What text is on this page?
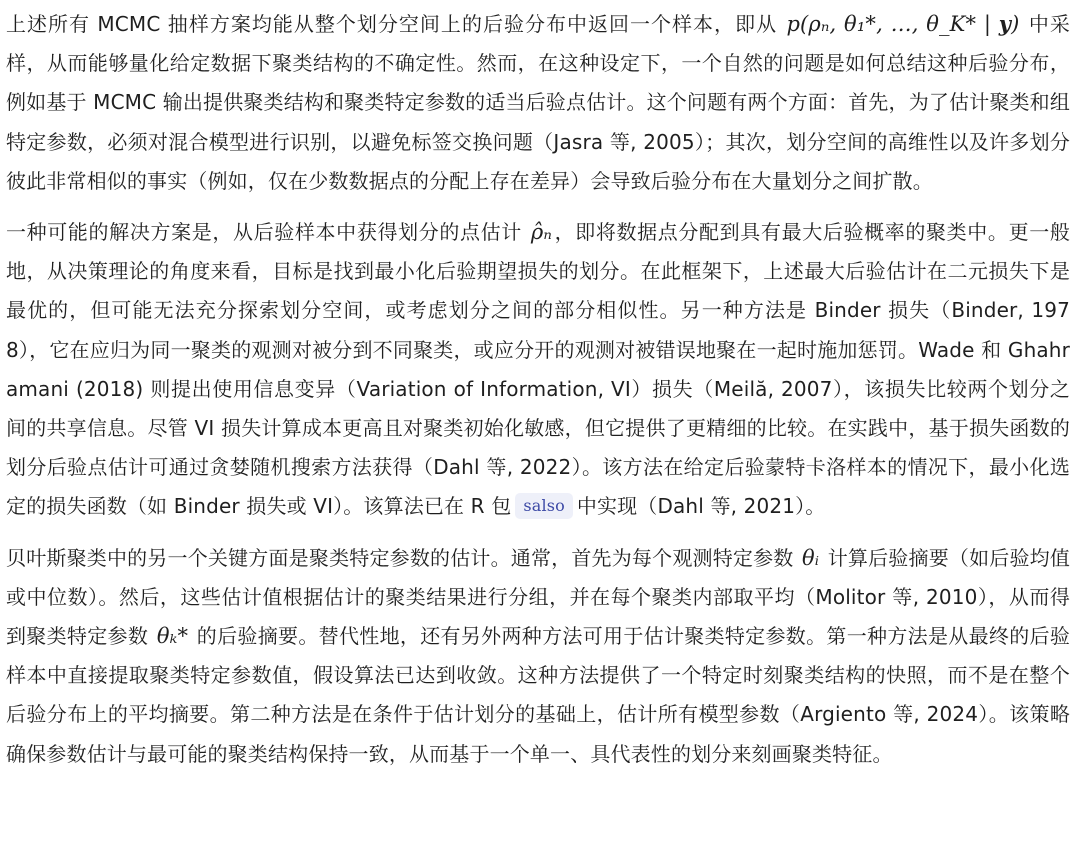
上述所有 MCMC 抽样方案均能从整个划分空间上的后验分布中返回一个样本，即从 p(ρₙ, θ₁*, …, θ_K* | y) 中采样，从而能够量化给定数据下聚类结构的不确定性。然而，在这种设定下，一个自然的问题是如何总结这种后验分布，例如基于 MCMC 输出提供聚类结构和聚类特定参数的适当后验点估计。这个问题有两个方面：首先，为了估计聚类和组特定参数，必须对混合模型进行识别，以避免标签交换问题（Jasra 等, 2005）；其次，划分空间的高维性以及许多划分彼此非常相似的事实（例如，仅在少数数据点的分配上存在差异）会导致后验分布在大量划分之间扩散。

一种可能的解决方案是，从后验样本中获得划分的点估计 ρ̂ₙ ，即将数据点分配到具有最大后验概率的聚类中。更一般地，从决策理论的角度来看，目标是找到最小化后验期望损失的划分。在此框架下，上述最大后验估计在二元损失下是最优的，但可能无法充分探索划分空间，或考虑划分之间的部分相似性。另一种方法是 Binder 损失（Binder, 1978），它在应归为同一聚类的观测对被分到不同聚类，或应分开的观测对被错误地聚在一起时施加惩罚。Wade 和 Ghahramani (2018) 则提出使用信息变异（Variation of Information, VI）损失（Meilă, 2007），该损失比较两个划分之间的共享信息。尽管 VI 损失计算成本更高且对聚类初始化敏感，但它提供了更精细的比较。在实践中，基于损失函数的划分后验点估计可通过贪婪随机搜索方法获得（Dahl 等, 2022）。该方法在给定后验蒙特卡洛样本的情况下，最小化选定的损失函数（如 Binder 损失或 VI）。该算法已在 R 包 salso 中实现（Dahl 等, 2021）。

贝叶斯聚类中的另一个关键方面是聚类特定参数的估计。通常，首先为每个观测特定参数 θᵢ 计算后验摘要（如后验均值或中位数）。然后，这些估计值根据估计的聚类结果进行分组，并在每个聚类内部取平均（Molitor 等, 2010），从而得到聚类特定参数 θₖ* 的后验摘要。替代性地，还有另外两种方法可用于估计聚类特定参数。第一种方法是从最终的后验样本中直接提取聚类特定参数值，假设算法已达到收敛。这种方法提供了一个特定时刻聚类结构的快照，而不是在整个后验分布上的平均摘要。第二种方法是在条件于估计划分的基础上，估计所有模型参数（Argiento 等, 2024）。该策略确保参数估计与最可能的聚类结构保持一致，从而基于一个单一、具代表性的划分来刻画聚类特征。
